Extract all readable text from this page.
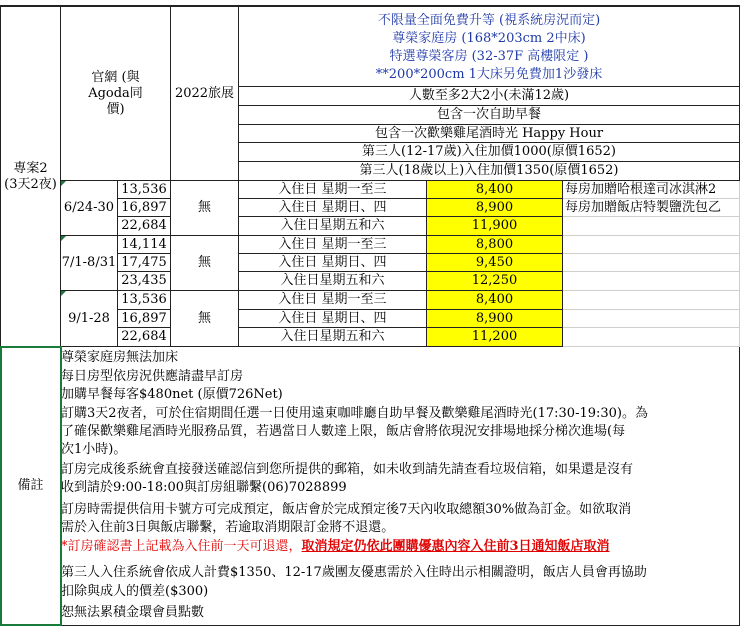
專案2
(3天2夜)
官網 (與
Agoda同
價)
2022旅展
不限量全面免費升等 (視系統房況而定)
尊榮家庭房 (168*203cm 2中床)
特選尊榮客房 (32-37F 高樓限定 )
**200*200cm 1大床另免費加1沙發床
人數至多2大2小(未滿12歲)
包含一次自助早餐
包含一次歡樂雞尾酒時光 Happy Hour
第三人(12-17歲)入住加價1000(原價1652)
第三人(18歲以上)入住加價1350(原價1652)
6/24-30
13,536
16,897
22,684
無
入住日 星期一至三
入住日 星期日、四
入住日星期五和六
8,400
8,900
11,900
每房加贈哈根達司冰淇淋2
每房加贈飯店特製鹽洗包乙
7/1-8/31
14,114
17,475
23,435
無
入住日 星期一至三
入住日 星期日、四
入住日星期五和六
8,800
9,450
12,250
9/1-28
13,536
16,897
22,684
無
入住日 星期一至三
入住日 星期日、四
入住日星期五和六
8,400
8,900
11,200
備註
尊榮家庭房無法加床
每日房型依房況供應請盡早訂房
加購早餐每客$480net (原價726Net)
訂購3天2夜者，可於住宿期間任選一日使用遠東咖啡廳自助早餐及歡樂雞尾酒時光(17:30-19:30)。為
了確保歡樂雞尾酒時光服務品質，若遇當日人數達上限，飯店會將依現況安排場地採分梯次進場(每
次1小時)。
訂房完成後系統會直接發送確認信到您所提供的郵箱，如未收到請先請查看垃圾信箱，如果還是沒有
收到請於9:00-18:00與訂房組聯繫(06)7028899
訂房時需提供信用卡號方可完成預定，飯店會於完成預定後7天內收取總額30%做為訂金。如欲取消
需於入住前3日與飯店聯繫，若逾取消期限訂金將不退還。
*訂房確認書上記載為入住前一天可退還，取消規定仍依此團購優惠內容入住前3日通知飯店取消
第三人入住系統會依成人計費$1350、12-17歲團友優惠需於入住時出示相關證明，飯店人員會再協助
扣除與成人的價差($300)
恕無法累積金環會員點數
